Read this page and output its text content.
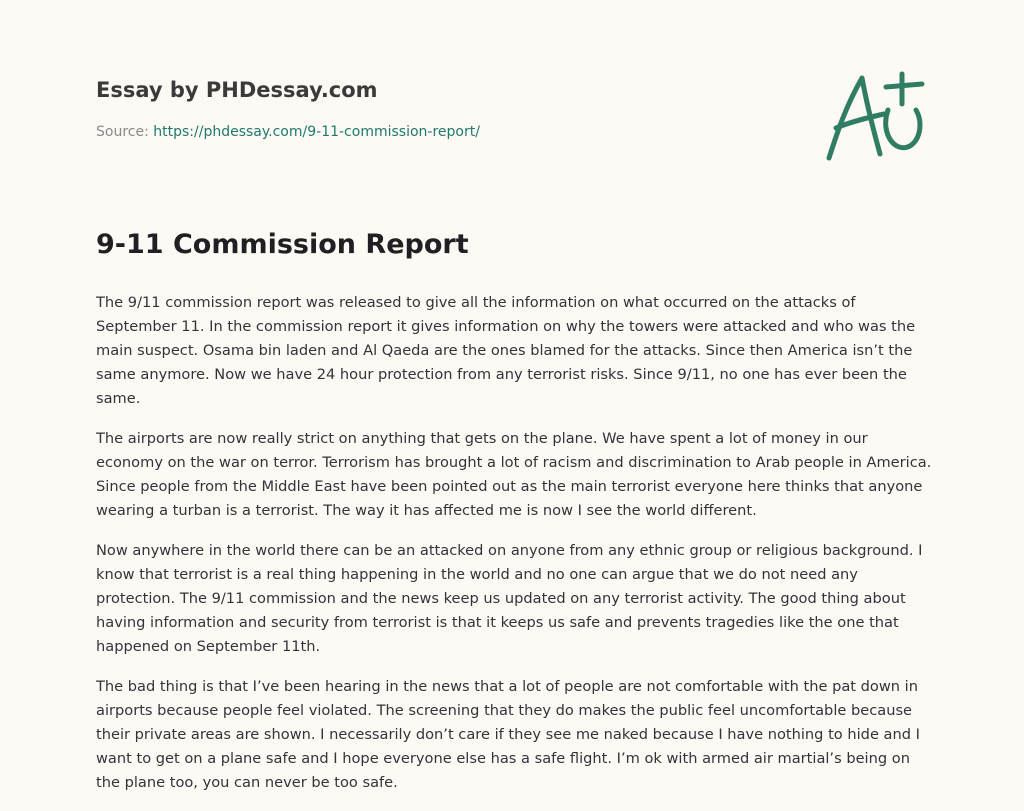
Essay by PHDessay.com
Source: https://phdessay.com/9-11-commission-report/
9-11 Commission Report

The 9/11 commission report was released to give all the information on what occurred on the attacks of September 11. In the commission report it gives information on why the towers were attacked and who was the main suspect. Osama bin laden and Al Qaeda are the ones blamed for the attacks. Since then America isn’t the same anymore. Now we have 24 hour protection from any terrorist risks. Since 9/11, no one has ever been the same.

The airports are now really strict on anything that gets on the plane. We have spent a lot of money in our economy on the war on terror. Terrorism has brought a lot of racism and discrimination to Arab people in America. Since people from the Middle East have been pointed out as the main terrorist everyone here thinks that anyone wearing a turban is a terrorist. The way it has affected me is now I see the world different.

Now anywhere in the world there can be an attacked on anyone from any ethnic group or religious background. I know that terrorist is a real thing happening in the world and no one can argue that we do not need any protection. The 9/11 commission and the news keep us updated on any terrorist activity. The good thing about having information and security from terrorist is that it keeps us safe and prevents tragedies like the one that happened on September 11th.

The bad thing is that I’ve been hearing in the news that a lot of people are not comfortable with the pat down in airports because people feel violated. The screening that they do makes the public feel uncomfortable because their private areas are shown. I necessarily don’t care if they see me naked because I have nothing to hide and I want to get on a plane safe and I hope everyone else has a safe flight. I’m ok with armed air martial’s being on the plane too, you can never be too safe.
